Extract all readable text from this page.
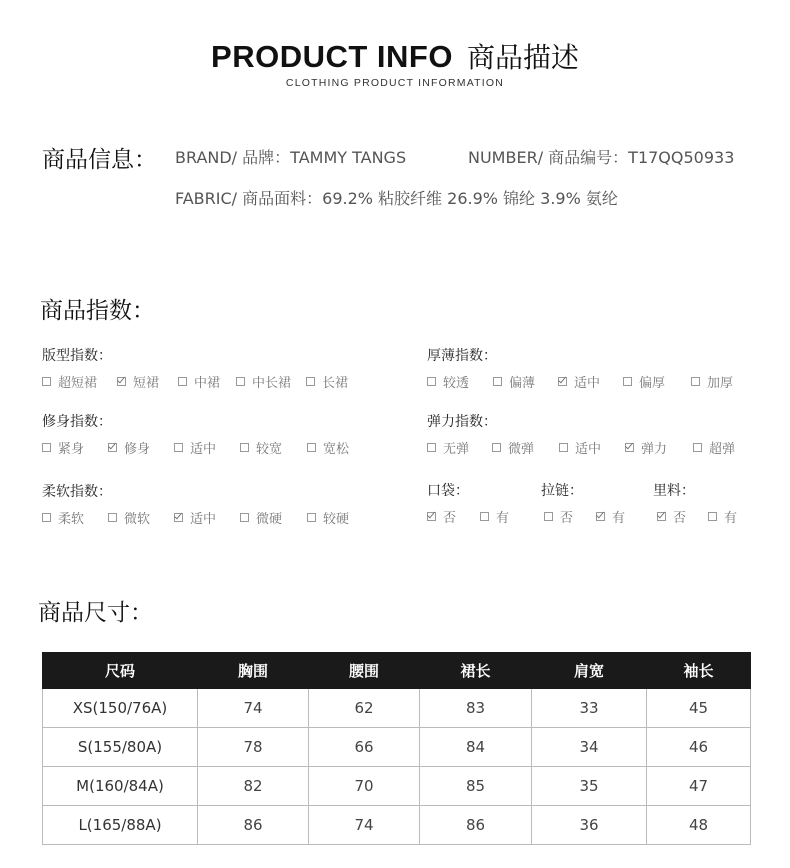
PRODUCT INFO 商品描述
CLOTHING PRODUCT INFORMATION
商品信息： BRAND/ 品牌：TAMMY TANGS	NUMBER/ 商品编号：T17QQ50933
FABRIC/ 商品面料：69.2% 粘胶纤维 26.9% 锦纶 3.9% 氨纶
商品指数：
版型指数：
超短裙	短裙	中裙 中长裙 长裙
厚薄指数：
较透	偏薄	适中	偏厚	加厚
修身指数：
紧身	修身	适中	较宽	宽松
弹力指数：
无弹	微弹	适中	弹力	超弹
柔软指数：
柔软	微软	适中	微硬	较硬
口袋：
否	有
拉链：
否	有
里料：
否	有
商品尺寸：
尺码	胸围	腰围	裙长	肩宽	袖长
XS(150/76A)	74	62	83	33	45
S(155/80A)	78	66	84	34	46
M(160/84A)	82	70	85	35	47
L(165/88A)	86	74	86	36	48
